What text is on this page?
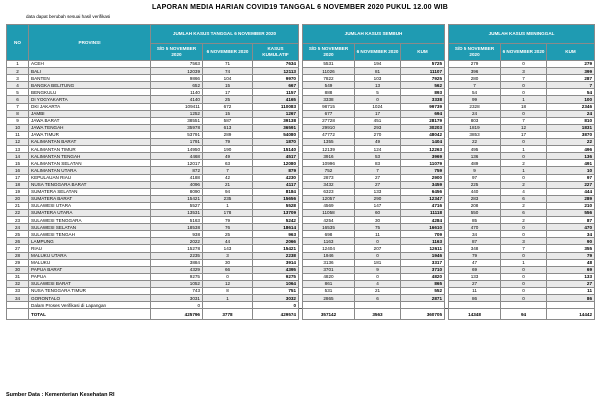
LAPORAN MEDIA HARIAN COVID19 TANGGAL 6 NOVEMBER 2020 PUKUL 12.00 WIB
data dapat berubah sesuai hasil verifikasi
NO	PROVINSI	JUMLAH KASUS TANGGAL 6 NOVEMBER 2020				JUMLAH KASUS SEMBUH				JUMLAH KASUS MENINGGAL		
		S/D 5 NOVEMBER 2020	6 NOVEMBER 2020	KASUS KUMULATIF		S/D 5 NOVEMBER 2020	6 NOVEMBER 2020	KUM		S/D 5 NOVEMBER 2020	6 NOVEMBER 2020	KUM
1	ACEH	7563	71	7634		5531	194	5725		279	0	279
2	BALI	12039	74	12113		11026	81	11107		396	3	399
3	BANTEN	9866	104	9970		7822	103	7925		280	7	287
4	BANGKA BELITUNG	652	15	667		549	13	562		7	0	7
5	BENGKULU	1140	17	1157		888	5	893		54	0	54
6	DI YOGYAKARTA	4140	25	4165		3338	0	3338		99	1	100
7	DKI JAKARTA	109411	672	110083		98715	1024	99739		2328	18	2346
8	JAMBI	1252	15	1267		677	17	694		24	0	24
9	JAWA BARAT	38551	587	39138		27728	451	28179		803	7	810
10	JAWA TENGAH	35978	613	36591		29910	293	30203		1819	12	1831
11	JAWA TIMUR	53791	289	54080		47772	270	48042		3853	17	3870
12	KALIMANTAN BARAT	1791	79	1870		1355	49	1404		22	0	22
13	KALIMANTAN TIMUR	14950	190	15140		12139	124	12263		495	1	496
14	KALIMANTAN TENGAH	4468	49	4517		3916	53	3969		136	0	136
15	KALIMANTAN SELATAN	12017	63	12080		10996	83	11079		489	2	491
16	KALIMANTAN UTARA	872	7	879		752	7	759		9	1	10
17	KEPULAUAN RIAU	4188	42	4230		2873	27	2900		97	0	97
18	NUSA TENGGARA BARAT	4096	21	4117		3432	27	3459		225	2	227
19	SUMATERA SELATAN	8090	94	8184		6323	133	6456		440	4	444
20	SUMATERA BARAT	15421	235	15656		12057	290	12347		283	6	289
21	SULAWESI UTARA	5527	1	5528		4569	147	4716		208	2	210
22	SUMATERA UTARA	13531	178	13709		11058	60	11118		550	6	556
23	SULAWESI TENGGARA	5163	79	5242		4254	30	4284		85	2	87
24	SULAWESI SELATAN	18538	76	18614		16535	75	16610		470	0	470
25	SULAWESI TENGAH	938	25	963		698	11	709		34	0	34
26	LAMPUNG	2022	44	2066		1163	0	1163		87	3	90
27	RIAU	15278	143	15421		12404	207	12611		348	7	355
28	MALUKU UTARA	2235	3	2238		1946	0	1946		79	0	79
29	MALUKU	3884	30	3914		3136	181	3317		47	1	48
30	PAPUA BARAT	4329	66	4395		3701	9	3710		69	0	69
31	PAPUA	9275	0	9275		4820	0	4820		133	0	133
32	SULAWESI BARAT	1052	12	1064		861	4	865		27	0	27
33	NUSA TENGGARA TIMUR	743	8	751		531	21	552		11	0	11
34	GORONTALO	3031	1	3032		2865	6	2871		86	0	86
	Dalam Proses Verifikasi di Lapangan	0		0								
	TOTAL	425796	3778	429574		357142	3563	360705		14348	94	14442
Sumber Data : Kementerian Kesehatan RI
